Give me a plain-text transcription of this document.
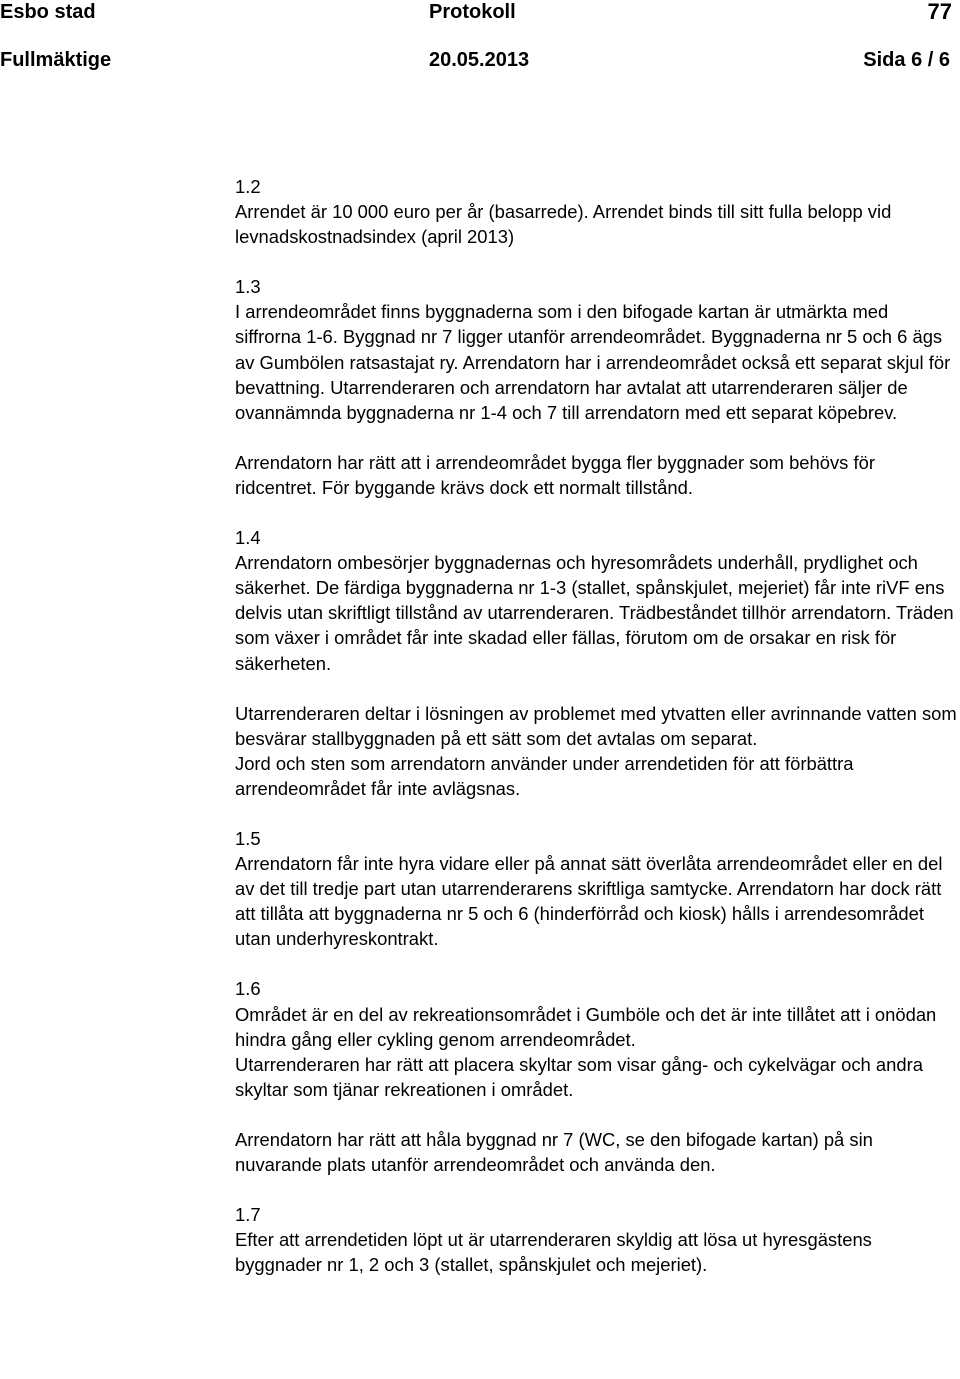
Esbo stad	Protokoll	77
Fullmäktige	20.05.2013	Sida 6 / 6
1.2

Arrendet är 10 000 euro per år (basarrede). Arrendet binds till sitt fulla belopp vid levnadskostnadsindex (april 2013)

1.3

I arrendeområdet finns byggnaderna som i den bifogade kartan är utmärkta med siffrorna 1-6. Byggnad nr 7 ligger utanför arrendeområdet. Byggnaderna nr 5 och 6 ägs av Gumbölen ratsastajat ry. Arrendatorn har i arrendeområdet också ett separat skjul för bevattning. Utarrenderaren och arrendatorn har avtalat att utarrenderaren säljer de ovannämnda byggnaderna nr 1-4 och 7 till arrendatorn med ett separat köpebrev.

Arrendatorn har rätt att i arrendeområdet bygga fler byggnader som behövs för ridcentret. För byggande krävs dock ett normalt tillstånd.

1.4

Arrendatorn ombesörjer byggnadernas och hyresområdets underhåll, prydlighet och säkerhet. De färdiga byggnaderna nr 1-3 (stallet, spånskjulet, mejeriet) får inte riVF ens delvis utan skriftligt tillstånd av utarrenderaren. Trädbeståndet tillhör arrendatorn. Träden som växer i området får inte skadad eller fällas, förutom om de orsakar en risk för säkerheten.

Utarrenderaren deltar i lösningen av problemet med ytvatten eller avrinnande vatten som besvärar stallbyggnaden på ett sätt som det avtalas om separat.

Jord och sten som arrendatorn använder under arrendetiden för att förbättra arrendeområdet får inte avlägsnas.

1.5

Arrendatorn får inte hyra vidare eller på annat sätt överlåta arrendeområdet eller en del av det till tredje part utan utarrenderarens skriftliga samtycke. Arrendatorn har dock rätt att tillåta att byggnaderna nr 5 och 6 (hinderförråd och kiosk) hålls i arrendesområdet utan underhyreskontrakt.

1.6

Området är en del av rekreationsområdet i Gumböle och det är inte tillåtet att i onödan hindra gång eller cykling genom arrendeområdet.

Utarrenderaren har rätt att placera skyltar som visar gång- och cykelvägar och andra skyltar som tjänar rekreationen i området.

Arrendatorn har rätt att håla byggnad nr 7 (WC, se den bifogade kartan) på sin nuvarande plats utanför arrendeområdet och använda den.

1.7

Efter att arrendetiden löpt ut är utarrenderaren skyldig att lösa ut hyresgästens byggnader nr 1, 2 och 3 (stallet, spånskjulet och mejeriet).
